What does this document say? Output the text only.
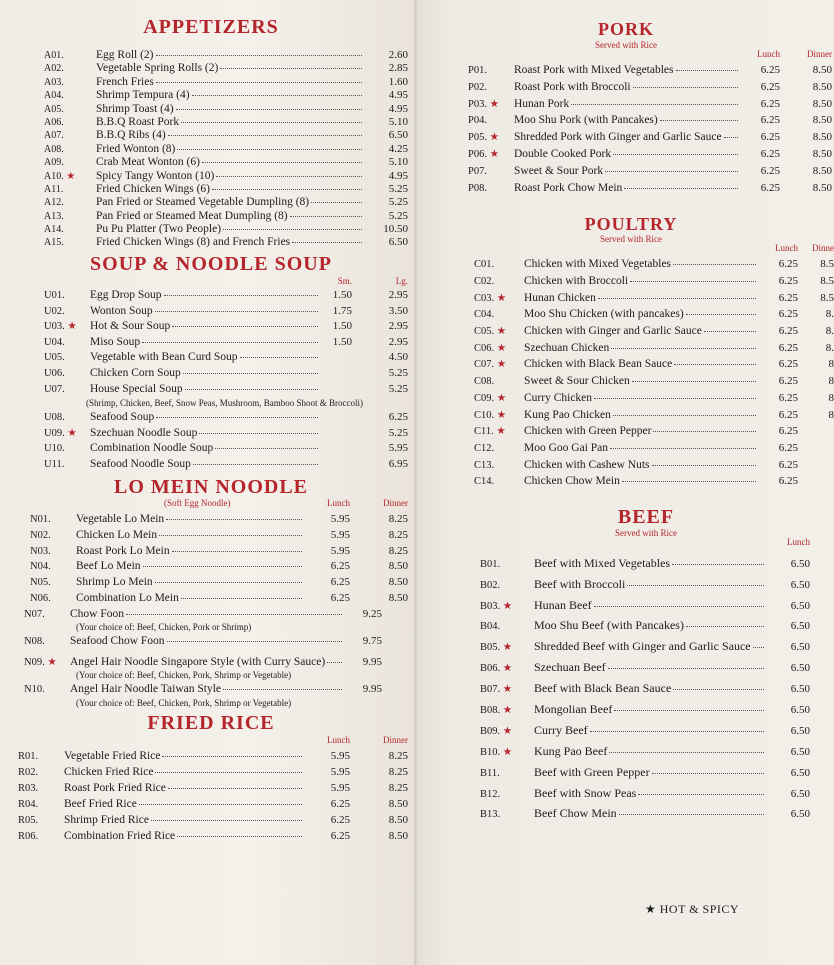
APPETIZERS
A01.	Egg Roll (2)	2.60
A02.	Vegetable Spring Rolls (2)	2.85
A03.	French Fries	1.60
A04.	Shrimp Tempura (4)	4.95
A05.	Shrimp Toast (4)	4.95
A06.	B.B.Q Roast Pork	5.10
A07.	B.B.Q Ribs (4)	6.50
A08.	Fried Wonton (8)	4.25
A09.	Crab Meat Wonton (6)	5.10
A10. ★	Spicy Tangy Wonton (10)	4.95
A11.	Fried Chicken Wings (6)	5.25
A12.	Pan Fried or Steamed Vegetable Dumpling (8)	5.25
A13.	Pan Fried or Steamed Meat Dumpling (8)	5.25
A14.	Pu Pu Platter (Two People)	10.50
A15.	Fried Chicken Wings (8) and French Fries	6.50
SOUP & NOODLE SOUP
Sm.	Lg.
U01.	Egg Drop Soup	1.50	2.95
U02.	Wonton Soup	1.75	3.50
U03. ★	Hot & Sour Soup	1.50	2.95
U04.	Miso Soup	1.50	2.95
U05.	Vegetable with Bean Curd Soup	4.50
U06.	Chicken Corn Soup	5.25
U07.	House Special Soup	5.25
(Shrimp, Chicken, Beef, Snow Peas, Mushroom, Bamboo Shoot & Broccoli)
U08.	Seafood Soup	6.25
U09. ★	Szechuan Noodle Soup	5.25
U10.	Combination Noodle Soup	5.95
U11.	Seafood Noodle Soup	6.95
LO MEIN NOODLE
(Soft Egg Noodle)	Lunch	Dinner
N01.	Vegetable Lo Mein	5.95	8.25
N02.	Chicken Lo Mein	5.95	8.25
N03.	Roast Pork Lo Mein	5.95	8.25
N04.	Beef Lo Mein	6.25	8.50
N05.	Shrimp Lo Mein	6.25	8.50
N06.	Combination Lo Mein	6.25	8.50
N07.	Chow Foon	9.25
(Your choice of: Beef, Chicken, Pork or Shrimp)
N08.	Seafood Chow Foon	9.75
N09. ★	Angel Hair Noodle Singapore Style (with Curry Sauce)	9.95
(Your choice of: Beef, Chicken, Pork, Shrimp or Vegetable)
N10.	Angel Hair Noodle Taiwan Style	9.95
(Your choice of: Beef, Chicken, Pork, Shrimp or Vegetable)
FRIED RICE
Lunch	Dinner
R01.	Vegetable Fried Rice	5.95	8.25
R02.	Chicken Fried Rice	5.95	8.25
R03.	Roast Pork Fried Rice	5.95	8.25
R04.	Beef Fried Rice	6.25	8.50
R05.	Shrimp Fried Rice	6.25	8.50
R06.	Combination Fried Rice	6.25	8.50
PORK

Served with Rice

Lunch	Dinner
P01.	Roast Pork with Mixed Vegetables	6.25	8.50
P02.	Roast Pork with Broccoli	6.25	8.50
P03. ★	Hunan Pork	6.25	8.50
P04.	Moo Shu Pork (with Pancakes)	6.25	8.50
P05. ★	Shredded Pork with Ginger and Garlic Sauce	6.25	8.50
P06. ★	Double Cooked Pork	6.25	8.50
P07.	Sweet & Sour Pork	6.25	8.50
P08.	Roast Pork Chow Mein	6.25	8.50
POULTRY

Served with Rice

Lunch	Dinne
C01.	Chicken with Mixed Vegetables	6.25	8.5
C02.	Chicken with Broccoli	6.25	8.5
C03. ★	Hunan Chicken	6.25	8.5
C04.	Moo Shu Chicken (with pancakes)	6.25	8.
C05. ★	Chicken with Ginger and Garlic Sauce	6.25	8.
C06. ★	Szechuan Chicken	6.25	8.
C07. ★	Chicken with Black Bean Sauce	6.25	8
C08.	Sweet & Sour Chicken	6.25	8
C09. ★	Curry Chicken	6.25	8
C10. ★	Kung Pao Chicken	6.25	8
C11. ★	Chicken with Green Pepper	6.25
C12.	Moo Goo Gai Pan	6.25
C13.	Chicken with Cashew Nuts	6.25
C14.	Chicken Chow Mein	6.25
BEEF

Served with Rice

Lunch
B01.	Beef with Mixed Vegetables	6.50
B02.	Beef with Broccoli	6.50
B03. ★	Hunan Beef	6.50
B04.	Moo Shu Beef (with Pancakes)	6.50
B05. ★	Shredded Beef with Ginger and Garlic Sauce	6.50
B06. ★	Szechuan Beef	6.50
B07. ★	Beef with Black Bean Sauce	6.50
B08. ★	Mongolian Beef	6.50
B09. ★	Curry Beef	6.50
B10. ★	Kung Pao Beef	6.50
B11.	Beef with Green Pepper	6.50
B12.	Beef with Snow Peas	6.50
B13.	Beef Chow Mein	6.50
★ HOT & SPICY
